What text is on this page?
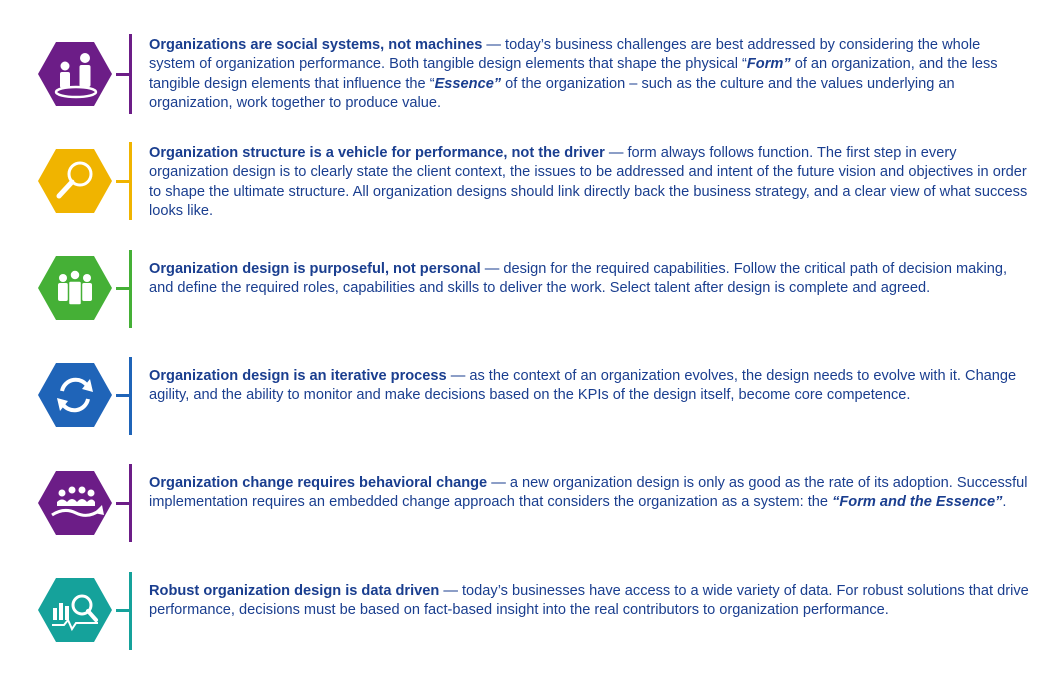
Organizations are social systems, not machines — today’s business challenges are best addressed by considering the whole system of organization performance. Both tangible design elements that shape the physical “Form” of an organization, and the less tangible design elements that influence the “Essence” of the organization – such as the culture and the values underlying an organization, work together to produce value.
Organization structure is a vehicle for performance, not the driver — form always follows function. The first step in every organization design is to clearly state the client context, the issues to be addressed and intent of the future vision and objectives in order to shape the ultimate structure. All organization designs should link directly back the business strategy, and a clear view of what success looks like.
Organization design is purposeful, not personal — design for the required capabilities. Follow the critical path of decision making, and define the required roles, capabilities and skills to deliver the work. Select talent after design is complete and agreed.
Organization design is an iterative process — as the context of an organization evolves, the design needs to evolve with it. Change agility, and the ability to monitor and make decisions based on the KPIs of the design itself, become core competence.
Organization change requires behavioral change — a new organization design is only as good as the rate of its adoption. Successful implementation requires an embedded change approach that considers the organization as a system: the “Form and the Essence”.
Robust organization design is data driven — today’s businesses have access to a wide variety of data. For robust solutions that drive performance, decisions must be based on fact-based insight into the real contributors to organization performance.
